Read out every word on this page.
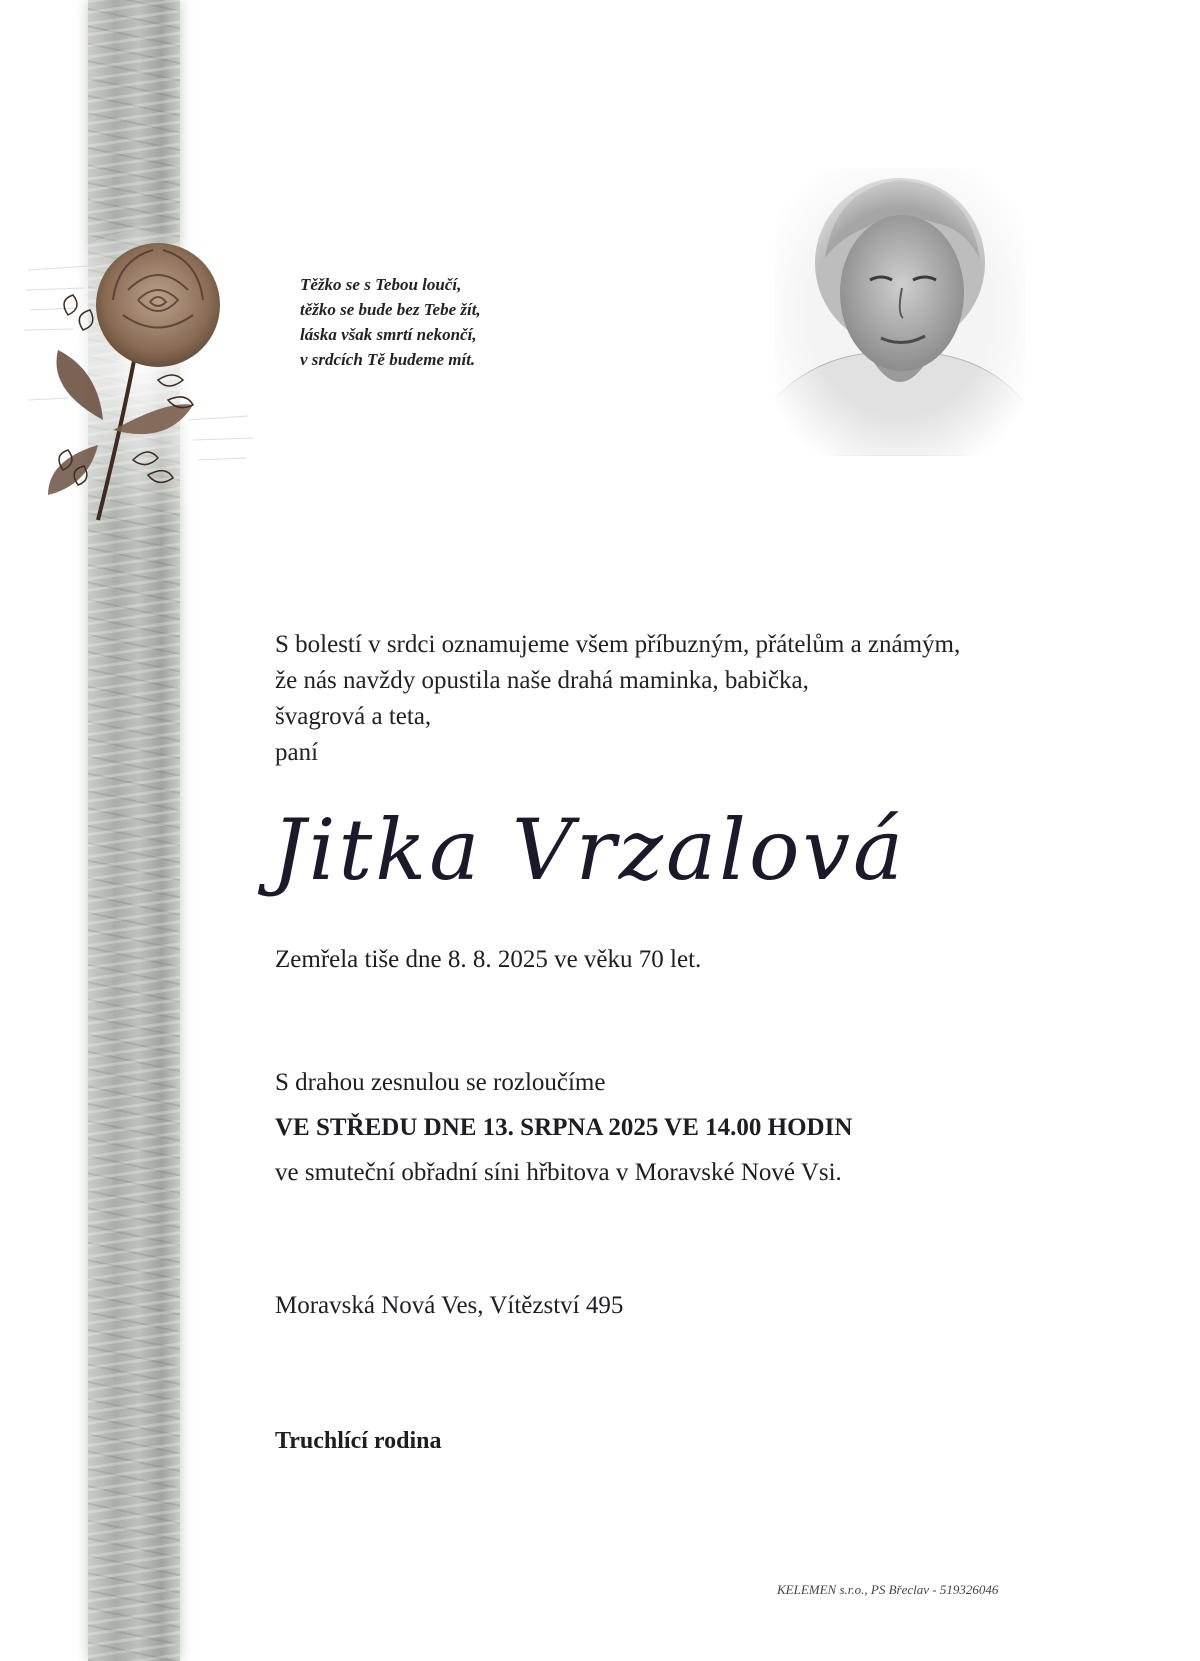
Těžko se s Tebou loučí,
těžko se bude bez Tebe žít,
láska však smrtí nekončí,
v srdcích Tě budeme mít.
S bolestí v srdci oznamujeme všem příbuzným, přátelům a známým,
že nás navždy opustila naše drahá maminka, babička,
švagrová a teta,
paní
Jitka Vrzalová
Zemřela tiše dne 8. 8. 2025 ve věku 70 let.
S drahou zesnulou se rozloučíme
VE STŘEDU DNE 13. SRPNA 2025 VE 14.00 HODIN
ve smuteční obřadní síni hřbitova v Moravské Nové Vsi.
Moravská Nová Ves, Vítězství 495
Truchlící rodina
KELEMEN s.r.o., PS Břeclav - 519326046
